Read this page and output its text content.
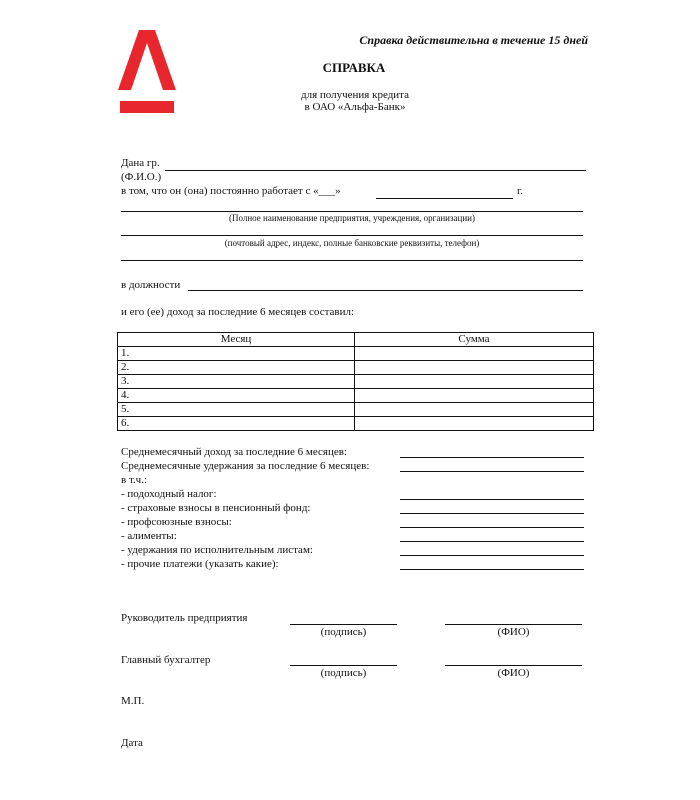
Справка действительна в течение 15 дней
СПРАВКА
для получения кредита
в ОАО «Альфа-Банк»
Дана гр.
(Ф.И.О.)
в том, что он (она) постоянно работает с «___»	г.
(Полное наименование предприятия, учреждения, организации)
(почтовый адрес, индекс, полные банковские реквизиты, телефон)
в должности
и его (ее) доход за последние 6 месяцев составил:
Месяц	Сумма
1.	
2.	
3.	
4.	
5.	
6.	
Среднемесячный доход за последние 6 месяцев:
Среднемесячные удержания за последние 6 месяцев:
в т.ч.:
- подоходный налог:
- страховые взносы в пенсионный фонд:
- профсоюзные взносы:
- алименты:
- удержания по исполнительным листам:
- прочие платежи (указать какие):
Руководитель предприятия
(подпись)	(ФИО)
Главный бухгалтер
(подпись)	(ФИО)
М.П.
Дата
